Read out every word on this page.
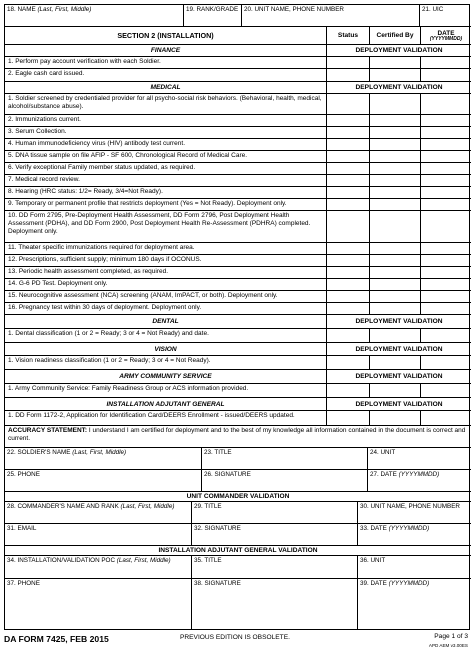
18. NAME (Last, First, Middle)	19. RANK/GRADE 20. UNIT NAME, PHONE NUMBER	21. UIC
SECTION 2 (INSTALLATION)	Status	Certified By	DATE
(YYYYMMDD)
FINANCE	DEPLOYMENT VALIDATION
1. Perform pay account verification with each Soldier.
2. Eagle cash card issued.
MEDICAL	DEPLOYMENT VALIDATION
1. Soldier screened by credentialed provider for all psycho-social risk behaviors. (Behavioral, health, medical, alcohol/substance abuse).
2. Immunizations current.
3. Serum Collection.
4. Human immunodeficiency virus (HIV) antibody test current.
5. DNA tissue sample on file AFIP - SF 600, Chronological Record of Medical Care.
6. Verify exceptional Family member status updated, as required.
7. Medical record review.
8. Hearing (HRC status: 1/2= Ready, 3/4=Not Ready).
9. Temporary or permanent profile that restricts deployment (Yes = Not Ready). Deployment only.
10. DD Form 2795, Pre-Deployment Health Assessment, DD Form 2796, Post Deployment Health Assessment (PDHA), and DD Form 2900, Post Deployment Health Re-Assessment (PDHRA) completed. Deployment only.
11. Theater specific immunizations required for deployment area.
12. Prescriptions, sufficient supply; minimum 180 days if OCONUS.
13. Periodic health assessment completed, as required.
14. G-6 PD Test. Deployment only.
15. Neurocognitive assessment (NCA) screening (ANAM, ImPACT, or both). Deployment only.
16. Pregnancy test within 30 days of deployment. Deployment only.
DENTAL	DEPLOYMENT VALIDATION
1. Dental classification (1 or 2 = Ready; 3 or 4 = Not Ready) and date.
VISION	DEPLOYMENT VALIDATION
1. Vision readiness classification (1 or 2 = Ready; 3 or 4 = Not Ready).
ARMY COMMUNITY SERVICE	DEPLOYMENT VALIDATION
1. Army Community Service: Family Readiness Group or ACS information provided.
INSTALLATION ADJUTANT GENERAL	DEPLOYMENT VALIDATION
1. DD Form 1172-2, Application for Identification Card/DEERS Enrollment - issued/DEERS updated.
ACCURACY STATEMENT: I understand I am certified for deployment and to the best of my knowledge all information contained in the document is correct and current.
22. SOLDIER'S NAME (Last, First, Middle)	23. TITLE	24. UNIT
25. PHONE	26. SIGNATURE	27. DATE (YYYYMMDD)
UNIT COMMANDER VALIDATION
28. COMMANDER'S NAME AND RANK (Last, First, Middle)	29. TITLE	30. UNIT NAME, PHONE NUMBER
31. EMAIL	32. SIGNATURE	33. DATE (YYYYMMDD)
INSTALLATION ADJUTANT GENERAL VALIDATION
34. INSTALLATION/VALIDATION POC (Last, First, Middle)	35. TITLE	36. UNIT
37. PHONE	38. SIGNATURE	39. DATE (YYYYMMDD)
DA FORM 7425, FEB 2015	PREVIOUS EDITION IS OBSOLETE.	Page 1 of 3
APD AEM v3.00ES
